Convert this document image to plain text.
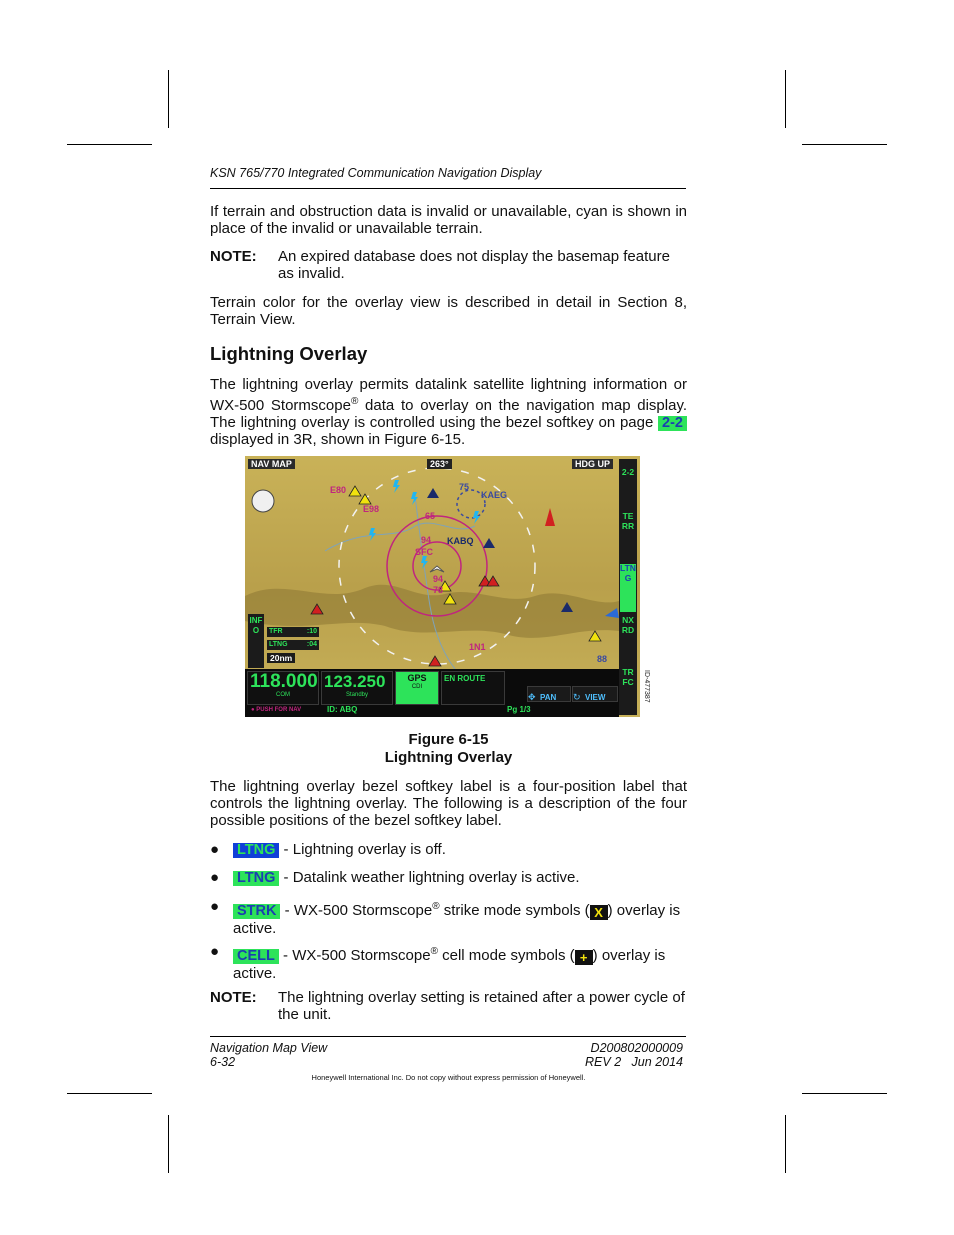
KSN 765/770 Integrated Communication Navigation Display
If terrain and obstruction data is invalid or unavailable, cyan is shown in place of the invalid or unavailable terrain.
NOTE: An expired database does not display the basemap feature as invalid.
Terrain color for the overlay view is described in detail in Section 8, Terrain View.
Lightning Overlay
The lightning overlay permits datalink satellite lightning information or WX-500 Stormscope® data to overlay on the navigation map display. The lightning overlay is controlled using the bezel softkey on page 2-2 displayed in 3R, shown in Figure 6-15.
NAV MAP	263°	HDG UP
E80
E98
75
KAEG
65
94 KABQ
SFC
94
78
1N1
88
INFO	TFR	:10
LTNG	:04
20nm
2-2
TERR
LTNG
NXRD
TRFC
118.000
COM
123.250
Standby
GPS
CDI
EN ROUTE
✥ PAN	↻ VIEW
● PUSH FOR NAV	ID: ABQ	Pg 1/3
ID-477387
Figure 6-15
Lightning Overlay
The lightning overlay bezel softkey label is a four-position label that controls the lightning overlay. The following is a description of the four possible positions of the bezel softkey label.
● LTNG - Lightning overlay is off.
● LTNG - Datalink weather lightning overlay is active.
● STRK - WX-500 Stormscope® strike mode symbols ( X ) overlay is active.
● CELL - WX-500 Stormscope® cell mode symbols ( + ) overlay is active.
NOTE: The lightning overlay setting is retained after a power cycle of the unit.
Navigation Map View
6-32
D200802000009
REV 2   Jun 2014
Honeywell International Inc. Do not copy without express permission of Honeywell.
